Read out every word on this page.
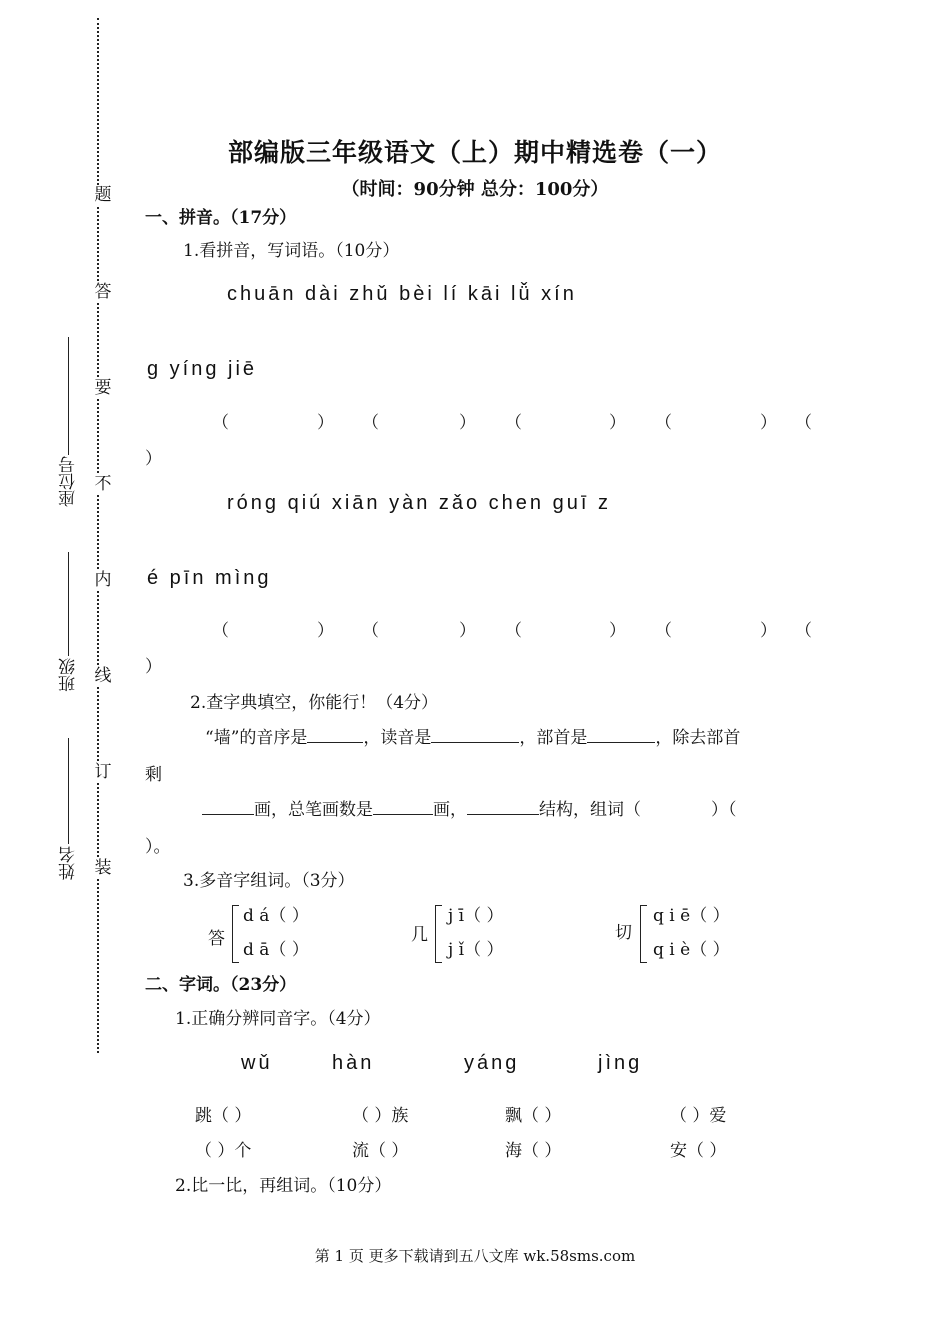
题
答
要
不
内
线
订
装
座位号
班级
姓名
部编版三年级语文（上）期中精选卷（一）
（时间：90分钟 总分：100分）
一、拼音。（17分）
1.看拼音，写词语。（10分）
chuān dài zhǔ bèi lí kāi lǚ xín
g yíng jiē
（	） （	） （	） （	） （
）
róng qiú xiān yàn zǎo chen guī z
é pīn mìng
（	） （	） （	） （	） （
）
2.查字典填空，你能行！（4分）
“墙”的音序是	，读音是	，部首是	，除去部首
剩
画，总笔画数是	画，	结构，组词（	）（
）。
3.多音字组词。（3分）
答
d á（ ）
d ā（ ）
几
j ī（ ）
j ǐ（ ）
切
q i ē（ ）
q i è（ ）
二、字词。（23分）
1.正确分辨同音字。（4分）
wǔ	hàn	yáng	jìng
跳（ ）	（ ）族	飘（ ）	（ ）爱
（ ）个	流（ ）	海（ ）	安（ ）
2.比一比，再组词。（10分）
第 1 页 更多下载请到五八文库 wk.58sms.com
